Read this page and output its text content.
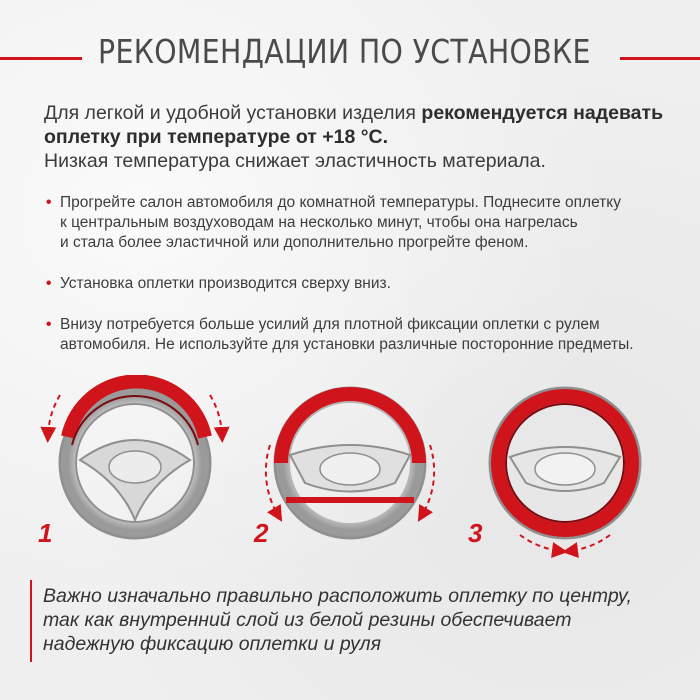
РЕКОМЕНДАЦИИ ПО УСТАНОВКЕ
Для легкой и удобной установки изделия рекомендуется надевать оплетку при температуре от +18 °С.
Низкая температура снижает эластичность материала.
• Прогрейте салон автомобиля до комнатной температуры. Поднесите оплетку
к центральным воздуховодам на несколько минут, чтобы она нагрелась
и стала более эластичной или дополнительно прогрейте феном.
• Установка оплетки производится сверху вниз.
• Внизу потребуется больше усилий для плотной фиксации оплетки с рулем
автомобиля. Не используйте для установки различные посторонние предметы.
1	2	3
Важно изначально правильно расположить оплетку по центру,
так как внутренний слой из белой резины обеспечивает
надежную фиксацию оплетки и руля
